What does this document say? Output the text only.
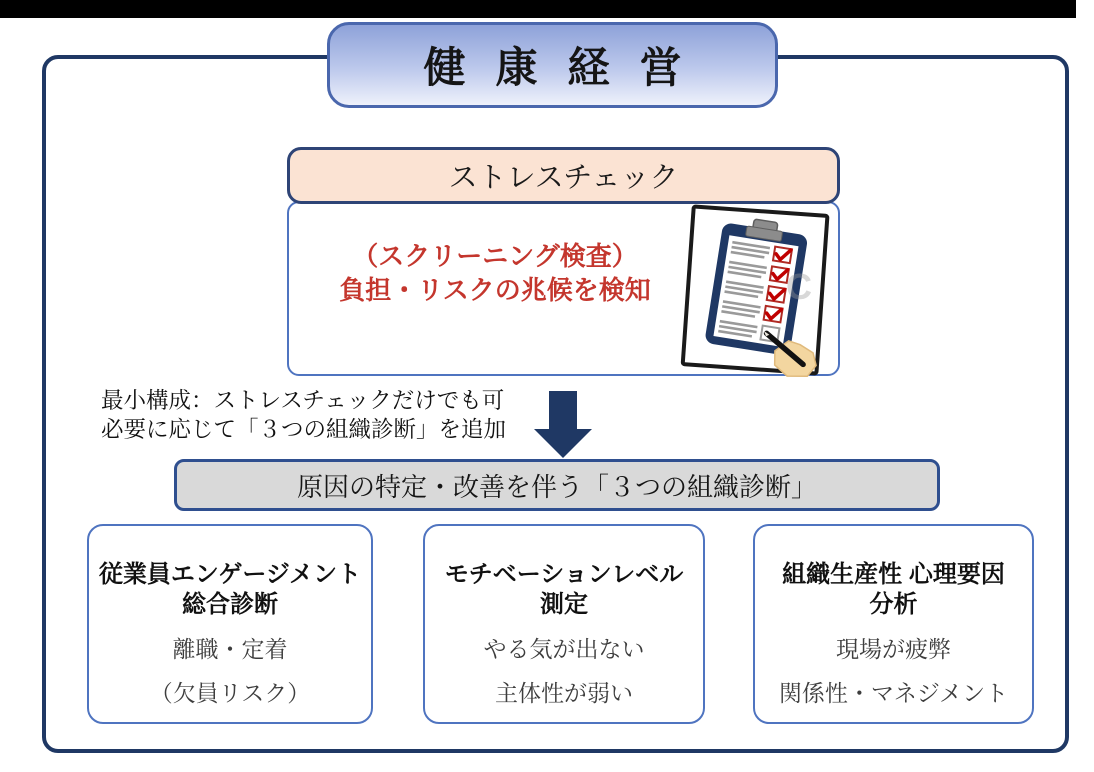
健康経営
ストレスチェック
（スクリーニング検査）
負担・リスクの兆候を検知	C
最小構成：ストレスチェックだけでも可
必要に応じて「３つの組織診断」を追加
原因の特定・改善を伴う「３つの組織診断」
従業員エンゲージメント
総合診断
離職・定着
（欠員リスク）
モチベーションレベル
測定
やる気が出ない
主体性が弱い
組織生産性 心理要因
分析
現場が疲弊
関係性・マネジメント
